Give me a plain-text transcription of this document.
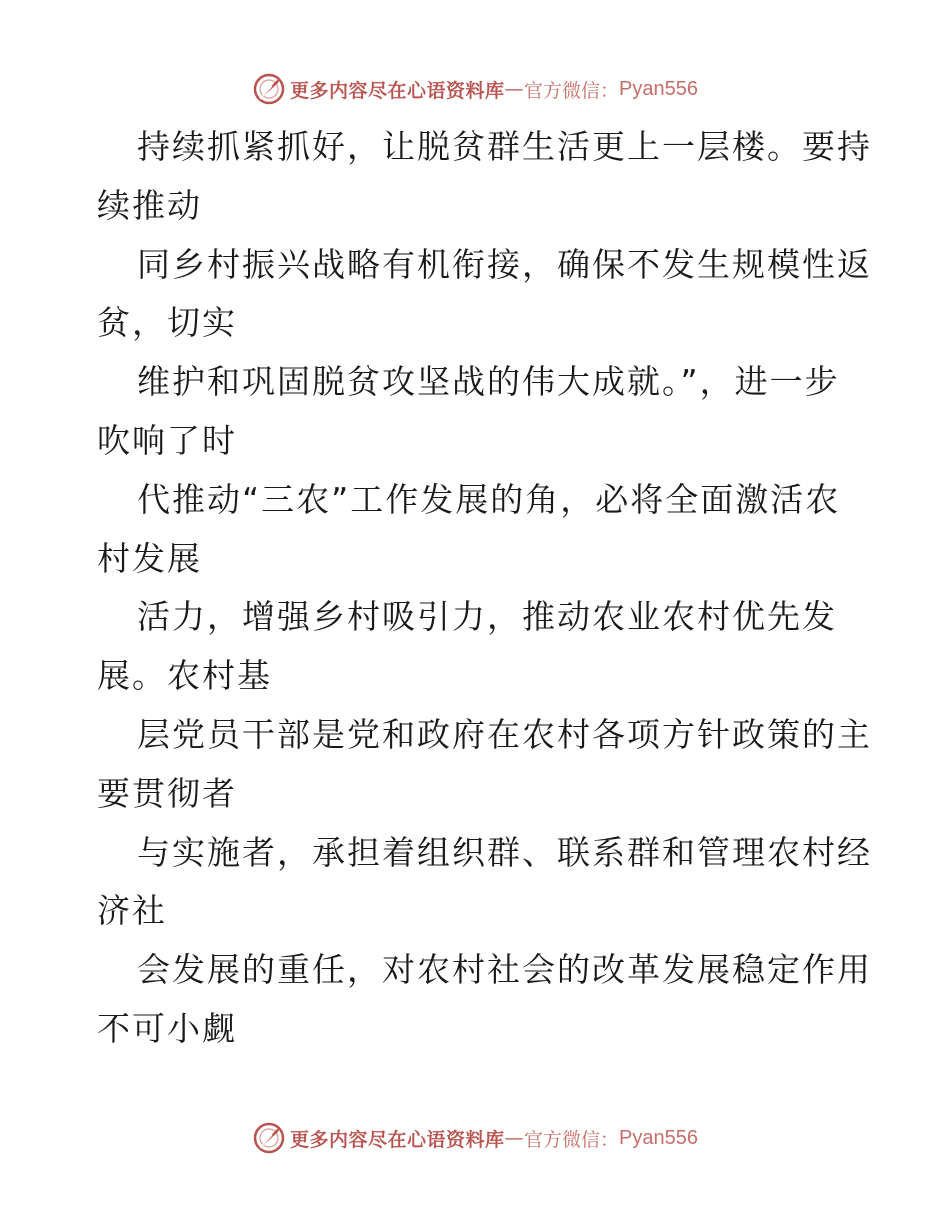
更多内容尽在心语资料库 — 官方微信： Pyan556
持续抓紧抓好，让脱贫群生活更上一层楼。要持
续推动
同乡村振兴战略有机衔接，确保不发生规模性返
贫，切实
维护和巩固脱贫攻坚战的伟大成就。”，进一步
吹响了时
代推动“三农”工作发展的角，必将全面激活农
村发展
活力，增强乡村吸引力，推动农业农村优先发
展。农村基
层党员干部是党和政府在农村各项方针政策的主
要贯彻者
与实施者，承担着组织群、联系群和管理农村经
济社
会发展的重任，对农村社会的改革发展稳定作用
不可小觑
更多内容尽在心语资料库 — 官方微信： Pyan556
